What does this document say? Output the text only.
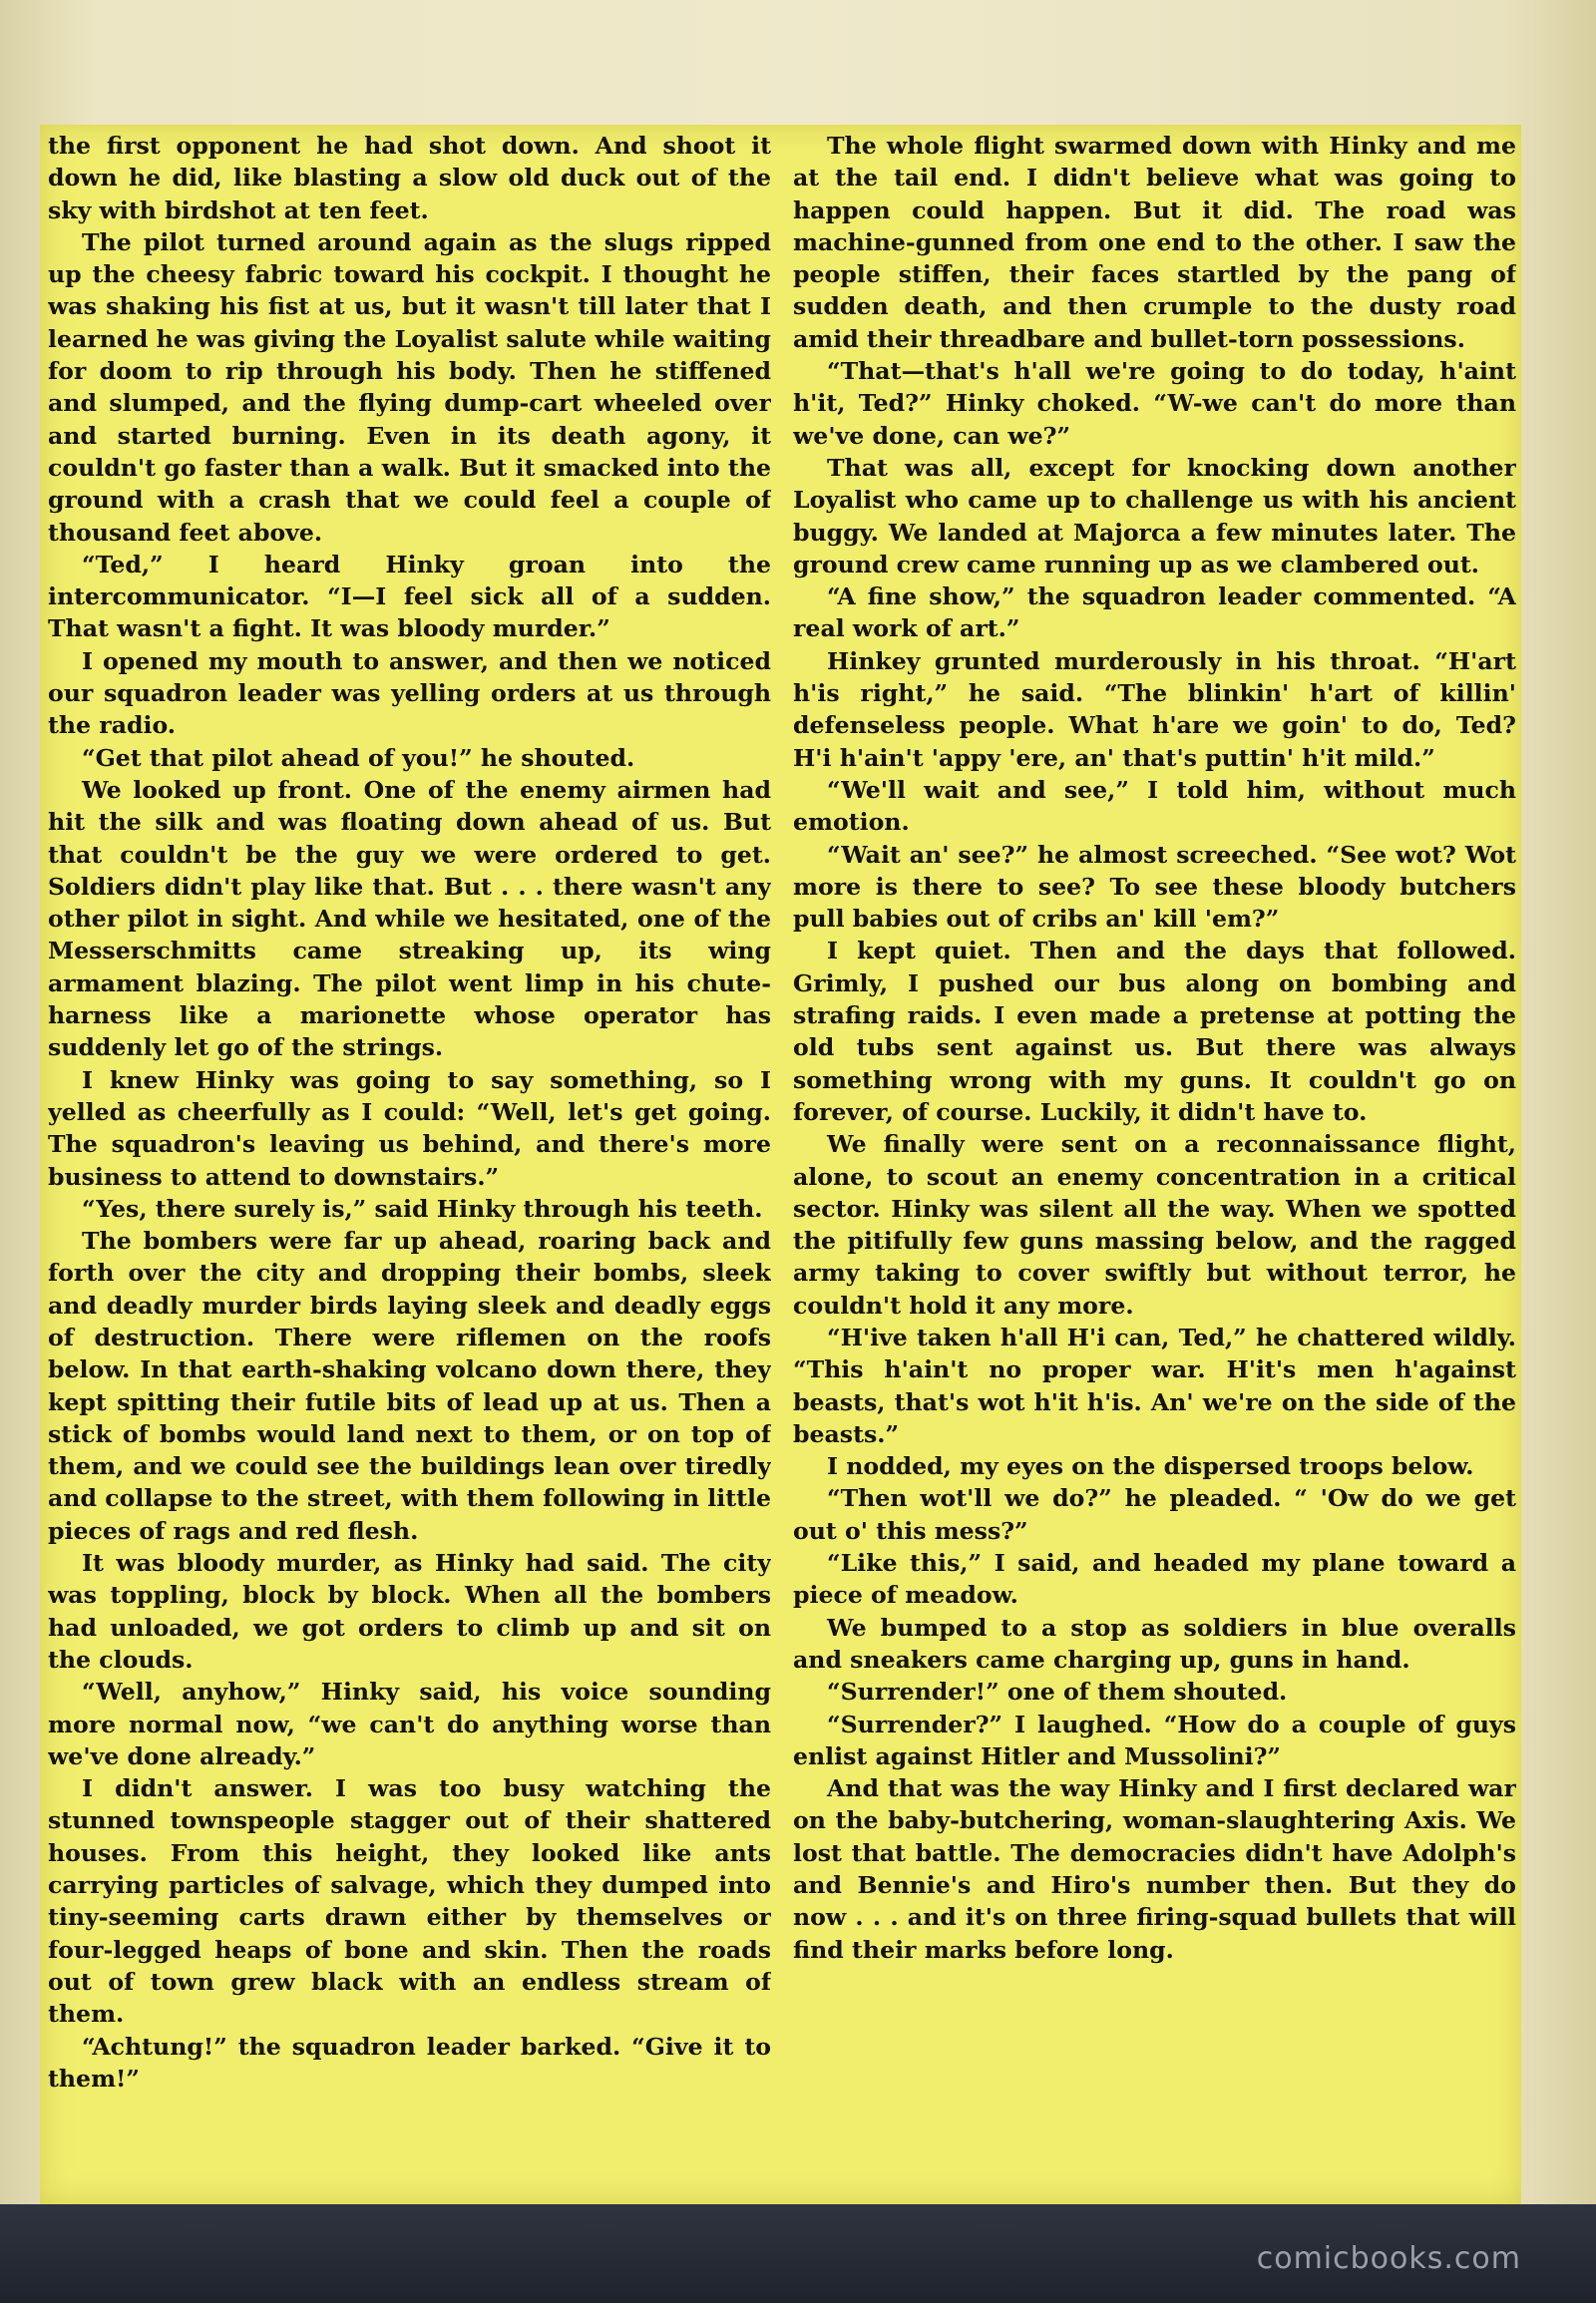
the first opponent he had shot down. And shoot it down he did, like blasting a slow old duck out of the sky with birdshot at ten feet.

The pilot turned around again as the slugs ripped up the cheesy fabric toward his cockpit. I thought he was shaking his fist at us, but it wasn't till later that I learned he was giving the Loyalist salute while waiting for doom to rip through his body. Then he stiffened and slumped, and the flying dump-cart wheeled over and started burning. Even in its death agony, it couldn't go faster than a walk. But it smacked into the ground with a crash that we could feel a couple of thousand feet above.

“Ted,” I heard Hinky groan into the intercommunicator. “I—I feel sick all of a sudden. That wasn't a fight. It was bloody murder.”

I opened my mouth to answer, and then we noticed our squadron leader was yelling orders at us through the radio.

“Get that pilot ahead of you!” he shouted.

We looked up front. One of the enemy airmen had hit the silk and was floating down ahead of us. But that couldn't be the guy we were ordered to get. Soldiers didn't play like that. But . . . there wasn't any other pilot in sight. And while we hesitated, one of the Messerschmitts came streaking up, its wing armament blazing. The pilot went limp in his chute-harness like a marionette whose operator has suddenly let go of the strings.

I knew Hinky was going to say something, so I yelled as cheerfully as I could: “Well, let's get going. The squadron's leaving us behind, and there's more business to attend to downstairs.”

“Yes, there surely is,” said Hinky through his teeth.

The bombers were far up ahead, roaring back and forth over the city and dropping their bombs, sleek and deadly murder birds laying sleek and deadly eggs of destruction. There were riflemen on the roofs below. In that earth-shaking volcano down there, they kept spitting their futile bits of lead up at us. Then a stick of bombs would land next to them, or on top of them, and we could see the buildings lean over tiredly and collapse to the street, with them following in little pieces of rags and red flesh.

It was bloody murder, as Hinky had said. The city was toppling, block by block. When all the bombers had unloaded, we got orders to climb up and sit on the clouds.

“Well, anyhow,” Hinky said, his voice sounding more normal now, “we can't do anything worse than we've done already.”

I didn't answer. I was too busy watching the stunned townspeople stagger out of their shattered houses. From this height, they looked like ants carrying particles of salvage, which they dumped into tiny-seeming carts drawn either by themselves or four-legged heaps of bone and skin. Then the roads out of town grew black with an endless stream of them.

“Achtung!” the squadron leader barked. “Give it to them!”

The whole flight swarmed down with Hinky and me at the tail end. I didn't believe what was going to happen could happen. But it did. The road was machine-gunned from one end to the other. I saw the people stiffen, their faces startled by the pang of sudden death, and then crumple to the dusty road amid their threadbare and bullet-torn possessions.

“That—that's h'all we're going to do today, h'aint h'it, Ted?” Hinky choked. “W-we can't do more than we've done, can we?”

That was all, except for knocking down another Loyalist who came up to challenge us with his ancient buggy. We landed at Majorca a few minutes later. The ground crew came running up as we clambered out.

“A fine show,” the squadron leader commented. “A real work of art.”

Hinkey grunted murderously in his throat. “H'art h'is right,” he said. “The blinkin' h'art of killin' defenseless people. What h'are we goin' to do, Ted? H'i h'ain't 'appy 'ere, an' that's puttin' h'it mild.”

“We'll wait and see,” I told him, without much emotion.

“Wait an' see?” he almost screeched. “See wot? Wot more is there to see? To see these bloody butchers pull babies out of cribs an' kill 'em?”

I kept quiet. Then and the days that followed. Grimly, I pushed our bus along on bombing and strafing raids. I even made a pretense at potting the old tubs sent against us. But there was always something wrong with my guns. It couldn't go on forever, of course. Luckily, it didn't have to.

We finally were sent on a reconnaissance flight, alone, to scout an enemy concentration in a critical sector. Hinky was silent all the way. When we spotted the pitifully few guns massing below, and the ragged army taking to cover swiftly but without terror, he couldn't hold it any more.

“H'ive taken h'all H'i can, Ted,” he chattered wildly. “This h'ain't no proper war. H'it's men h'against beasts, that's wot h'it h'is. An' we're on the side of the beasts.”

I nodded, my eyes on the dispersed troops below.

“Then wot'll we do?” he pleaded. “ 'Ow do we get out o' this mess?”

“Like this,” I said, and headed my plane toward a piece of meadow.

We bumped to a stop as soldiers in blue overalls and sneakers came charging up, guns in hand.

“Surrender!” one of them shouted.

“Surrender?” I laughed. “How do a couple of guys enlist against Hitler and Mussolini?”

And that was the way Hinky and I first declared war on the baby-butchering, woman-slaughtering Axis. We lost that battle. The democracies didn't have Adolph's and Bennie's and Hiro's number then. But they do now . . . and it's on three firing-squad bullets that will find their marks before long.

comicbooks.com
